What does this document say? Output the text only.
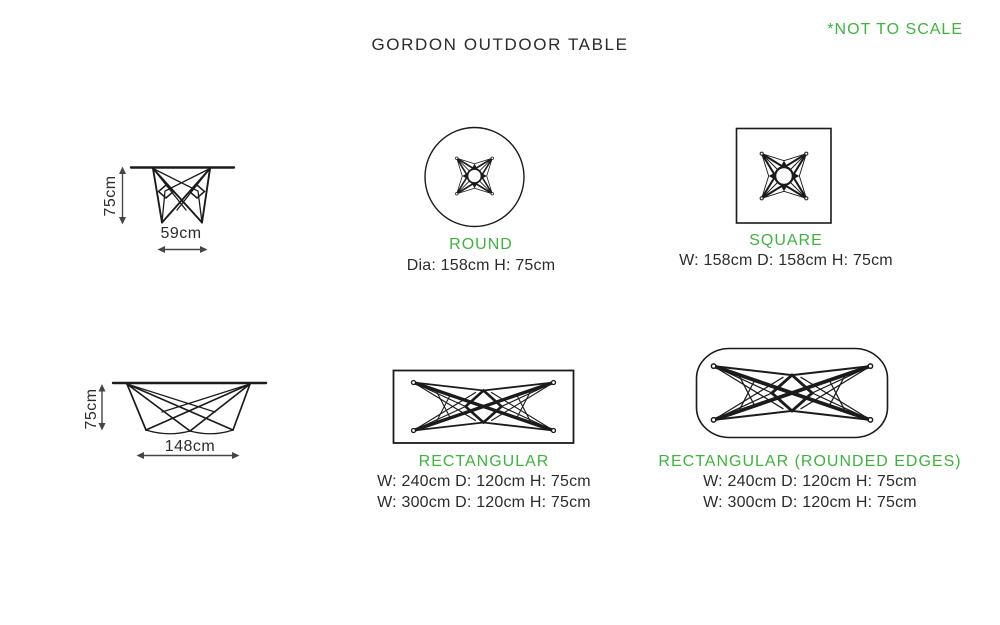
GORDON OUTDOOR TABLE
*NOT TO SCALE
75cm
59cm
75cm
148cm
ROUND
Dia: 158cm H: 75cm
SQUARE
W: 158cm D: 158cm H: 75cm
RECTANGULAR
W: 240cm D: 120cm H: 75cm
W: 300cm D: 120cm H: 75cm
RECTANGULAR (ROUNDED EDGES)
W: 240cm D: 120cm H: 75cm
W: 300cm D: 120cm H: 75cm
